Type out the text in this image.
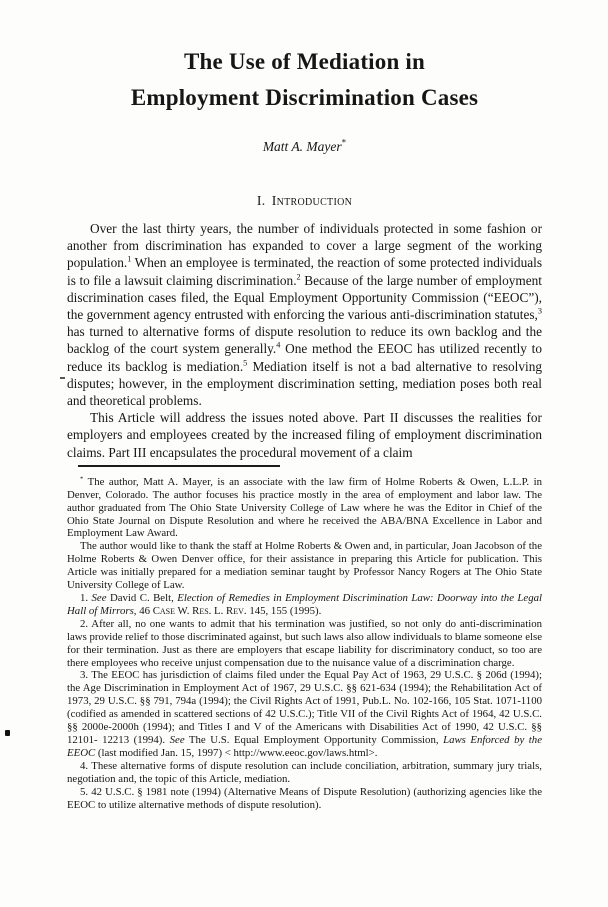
The Use of Mediation in
Employment Discrimination Cases
Matt A. Mayer*
I. Introduction

Over the last thirty years, the number of individuals protected in some fashion or another from discrimination has expanded to cover a large segment of the working population.$^1$ When an employee is terminated, the reaction of some protected individuals is to file a lawsuit claiming discrimination.$^2$ Because of the large number of employment discrimination cases filed, the Equal Employment Opportunity Commission (“EEOC”), the government agency entrusted with enforcing the various anti-discrimination statutes,$^3$ has turned to alternative forms of dispute resolution to reduce its own backlog and the backlog of the court system generally.$^4$ One method the EEOC has utilized recently to reduce its backlog is mediation.$^5$ Mediation itself is not a bad alternative to resolving disputes; however, in the employment discrimination setting, mediation poses both real and theoretical problems.

This Article will address the issues noted above. Part II discusses the realities for employers and employees created by the increased filing of employment discrimination claims. Part III encapsulates the procedural movement of a claim

* The author, Matt A. Mayer, is an associate with the law firm of Holme Roberts & Owen, L.L.P. in Denver, Colorado. The author focuses his practice mostly in the area of employment and labor law. The author graduated from The Ohio State University College of Law where he was the Editor in Chief of the Ohio State Journal on Dispute Resolution and where he received the ABA/BNA Excellence in Labor and Employment Law Award.

The author would like to thank the staff at Holme Roberts & Owen and, in particular, Joan Jacobson of the Holme Roberts & Owen Denver office, for their assistance in preparing this Article for publication. This Article was initially prepared for a mediation seminar taught by Professor Nancy Rogers at The Ohio State University College of Law.

1. See David C. Belt, Election of Remedies in Employment Discrimination Law: Doorway into the Legal Hall of Mirrors, 46 Case W. Res. L. Rev. 145, 155 (1995).

2. After all, no one wants to admit that his termination was justified, so not only do anti-discrimination laws provide relief to those discriminated against, but such laws also allow individuals to blame someone else for their termination. Just as there are employers that escape liability for discriminatory conduct, so too are there employees who receive unjust compensation due to the nuisance value of a discrimination charge.

3. The EEOC has jurisdiction of claims filed under the Equal Pay Act of 1963, 29 U.S.C. § 206d (1994); the Age Discrimination in Employment Act of 1967, 29 U.S.C. §§ 621-634 (1994); the Rehabilitation Act of 1973, 29 U.S.C. §§ 791, 794a (1994); the Civil Rights Act of 1991, Pub.L. No. 102-166, 105 Stat. 1071-1100 (codified as amended in scattered sections of 42 U.S.C.); Title VII of the Civil Rights Act of 1964, 42 U.S.C. §§ 2000e-2000h (1994); and Titles I and V of the Americans with Disabilities Act of 1990, 42 U.S.C. §§ 12101- 12213 (1994). See The U.S. Equal Employment Opportunity Commission, Laws Enforced by the EEOC (last modified Jan. 15, 1997) < http://www.eeoc.gov/laws.html>.

4. These alternative forms of dispute resolution can include conciliation, arbitration, summary jury trials, negotiation and, the topic of this Article, mediation.

5. 42 U.S.C. § 1981 note (1994) (Alternative Means of Dispute Resolution) (authorizing agencies like the EEOC to utilize alternative methods of dispute resolution).
